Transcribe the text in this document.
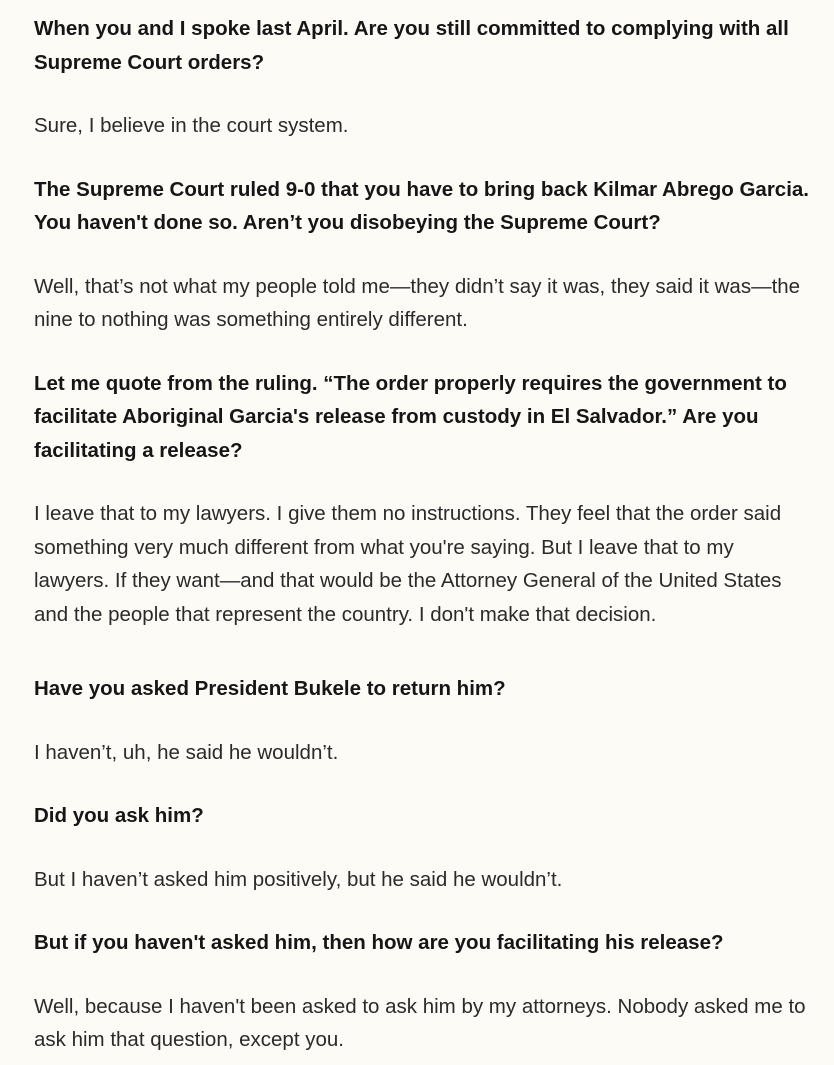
When you and I spoke last April. Are you still committed to complying with all Supreme Court orders?

Sure, I believe in the court system.

The Supreme Court ruled 9-0 that you have to bring back Kilmar Abrego Garcia. You haven't done so. Aren’t you disobeying the Supreme Court?

Well, that’s not what my people told me—they didn’t say it was, they said it was—the nine to nothing was something entirely different.

Let me quote from the ruling. “The order properly requires the government to facilitate Aboriginal Garcia's release from custody in El Salvador.” Are you facilitating a release?

I leave that to my lawyers. I give them no instructions. They feel that the order said something very much different from what you're saying. But I leave that to my lawyers. If they want—and that would be the Attorney General of the United States and the people that represent the country. I don't make that decision.

Have you asked President Bukele to return him?

I haven’t, uh, he said he wouldn’t.

Did you ask him?

But I haven’t asked him positively, but he said he wouldn’t.

But if you haven't asked him, then how are you facilitating his release?

Well, because I haven't been asked to ask him by my attorneys. Nobody asked me to ask him that question, except you.
